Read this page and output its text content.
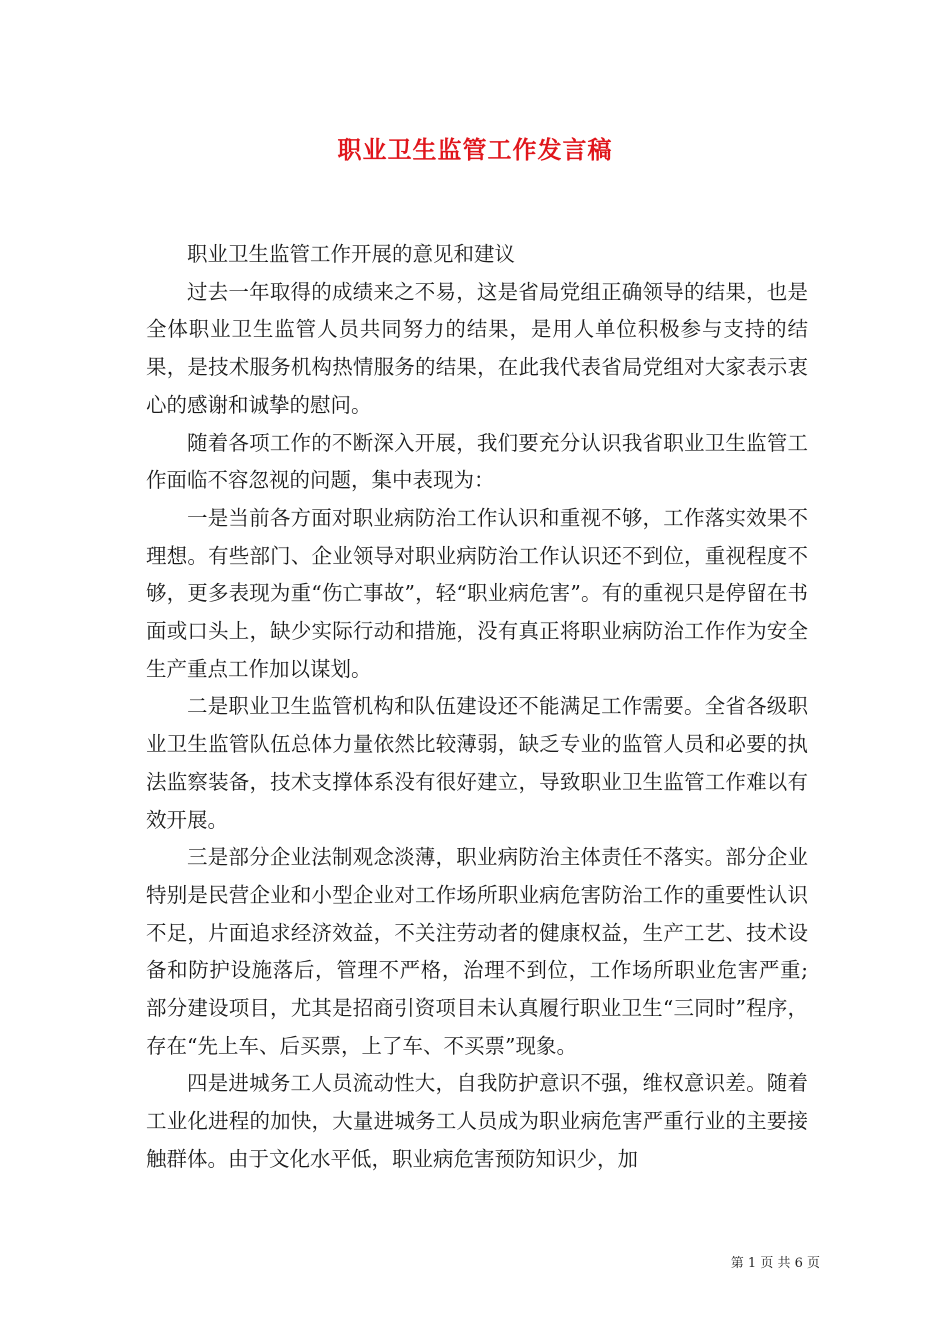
职业卫生监管工作发言稿

职业卫生监管工作开展的意见和建议

过去一年取得的成绩来之不易，这是省局党组正确领导的结果，也是全体职业卫生监管人员共同努力的结果，是用人单位积极参与支持的结果，是技术服务机构热情服务的结果，在此我代表省局党组对大家表示衷心的感谢和诚挚的慰问。

随着各项工作的不断深入开展，我们要充分认识我省职业卫生监管工作面临不容忽视的问题，集中表现为：

一是当前各方面对职业病防治工作认识和重视不够，工作落实效果不理想。有些部门、企业领导对职业病防治工作认识还不到位，重视程度不够，更多表现为重“伤亡事故”，轻“职业病危害”。有的重视只是停留在书面或口头上，缺少实际行动和措施，没有真正将职业病防治工作作为安全生产重点工作加以谋划。

二是职业卫生监管机构和队伍建设还不能满足工作需要。全省各级职业卫生监管队伍总体力量依然比较薄弱，缺乏专业的监管人员和必要的执法监察装备，技术支撑体系没有很好建立，导致职业卫生监管工作难以有效开展。

三是部分企业法制观念淡薄，职业病防治主体责任不落实。部分企业特别是民营企业和小型企业对工作场所职业病危害防治工作的重要性认识不足，片面追求经济效益，不关注劳动者的健康权益，生产工艺、技术设备和防护设施落后，管理不严格，治理不到位，工作场所职业危害严重;部分建设项目，尤其是招商引资项目未认真履行职业卫生“三同时”程序，存在“先上车、后买票，上了车、不买票”现象。

四是进城务工人员流动性大，自我防护意识不强，维权意识差。随着工业化进程的加快，大量进城务工人员成为职业病危害严重行业的主要接触群体。由于文化水平低，职业病危害预防知识少，加

第 1 页 共 6 页
